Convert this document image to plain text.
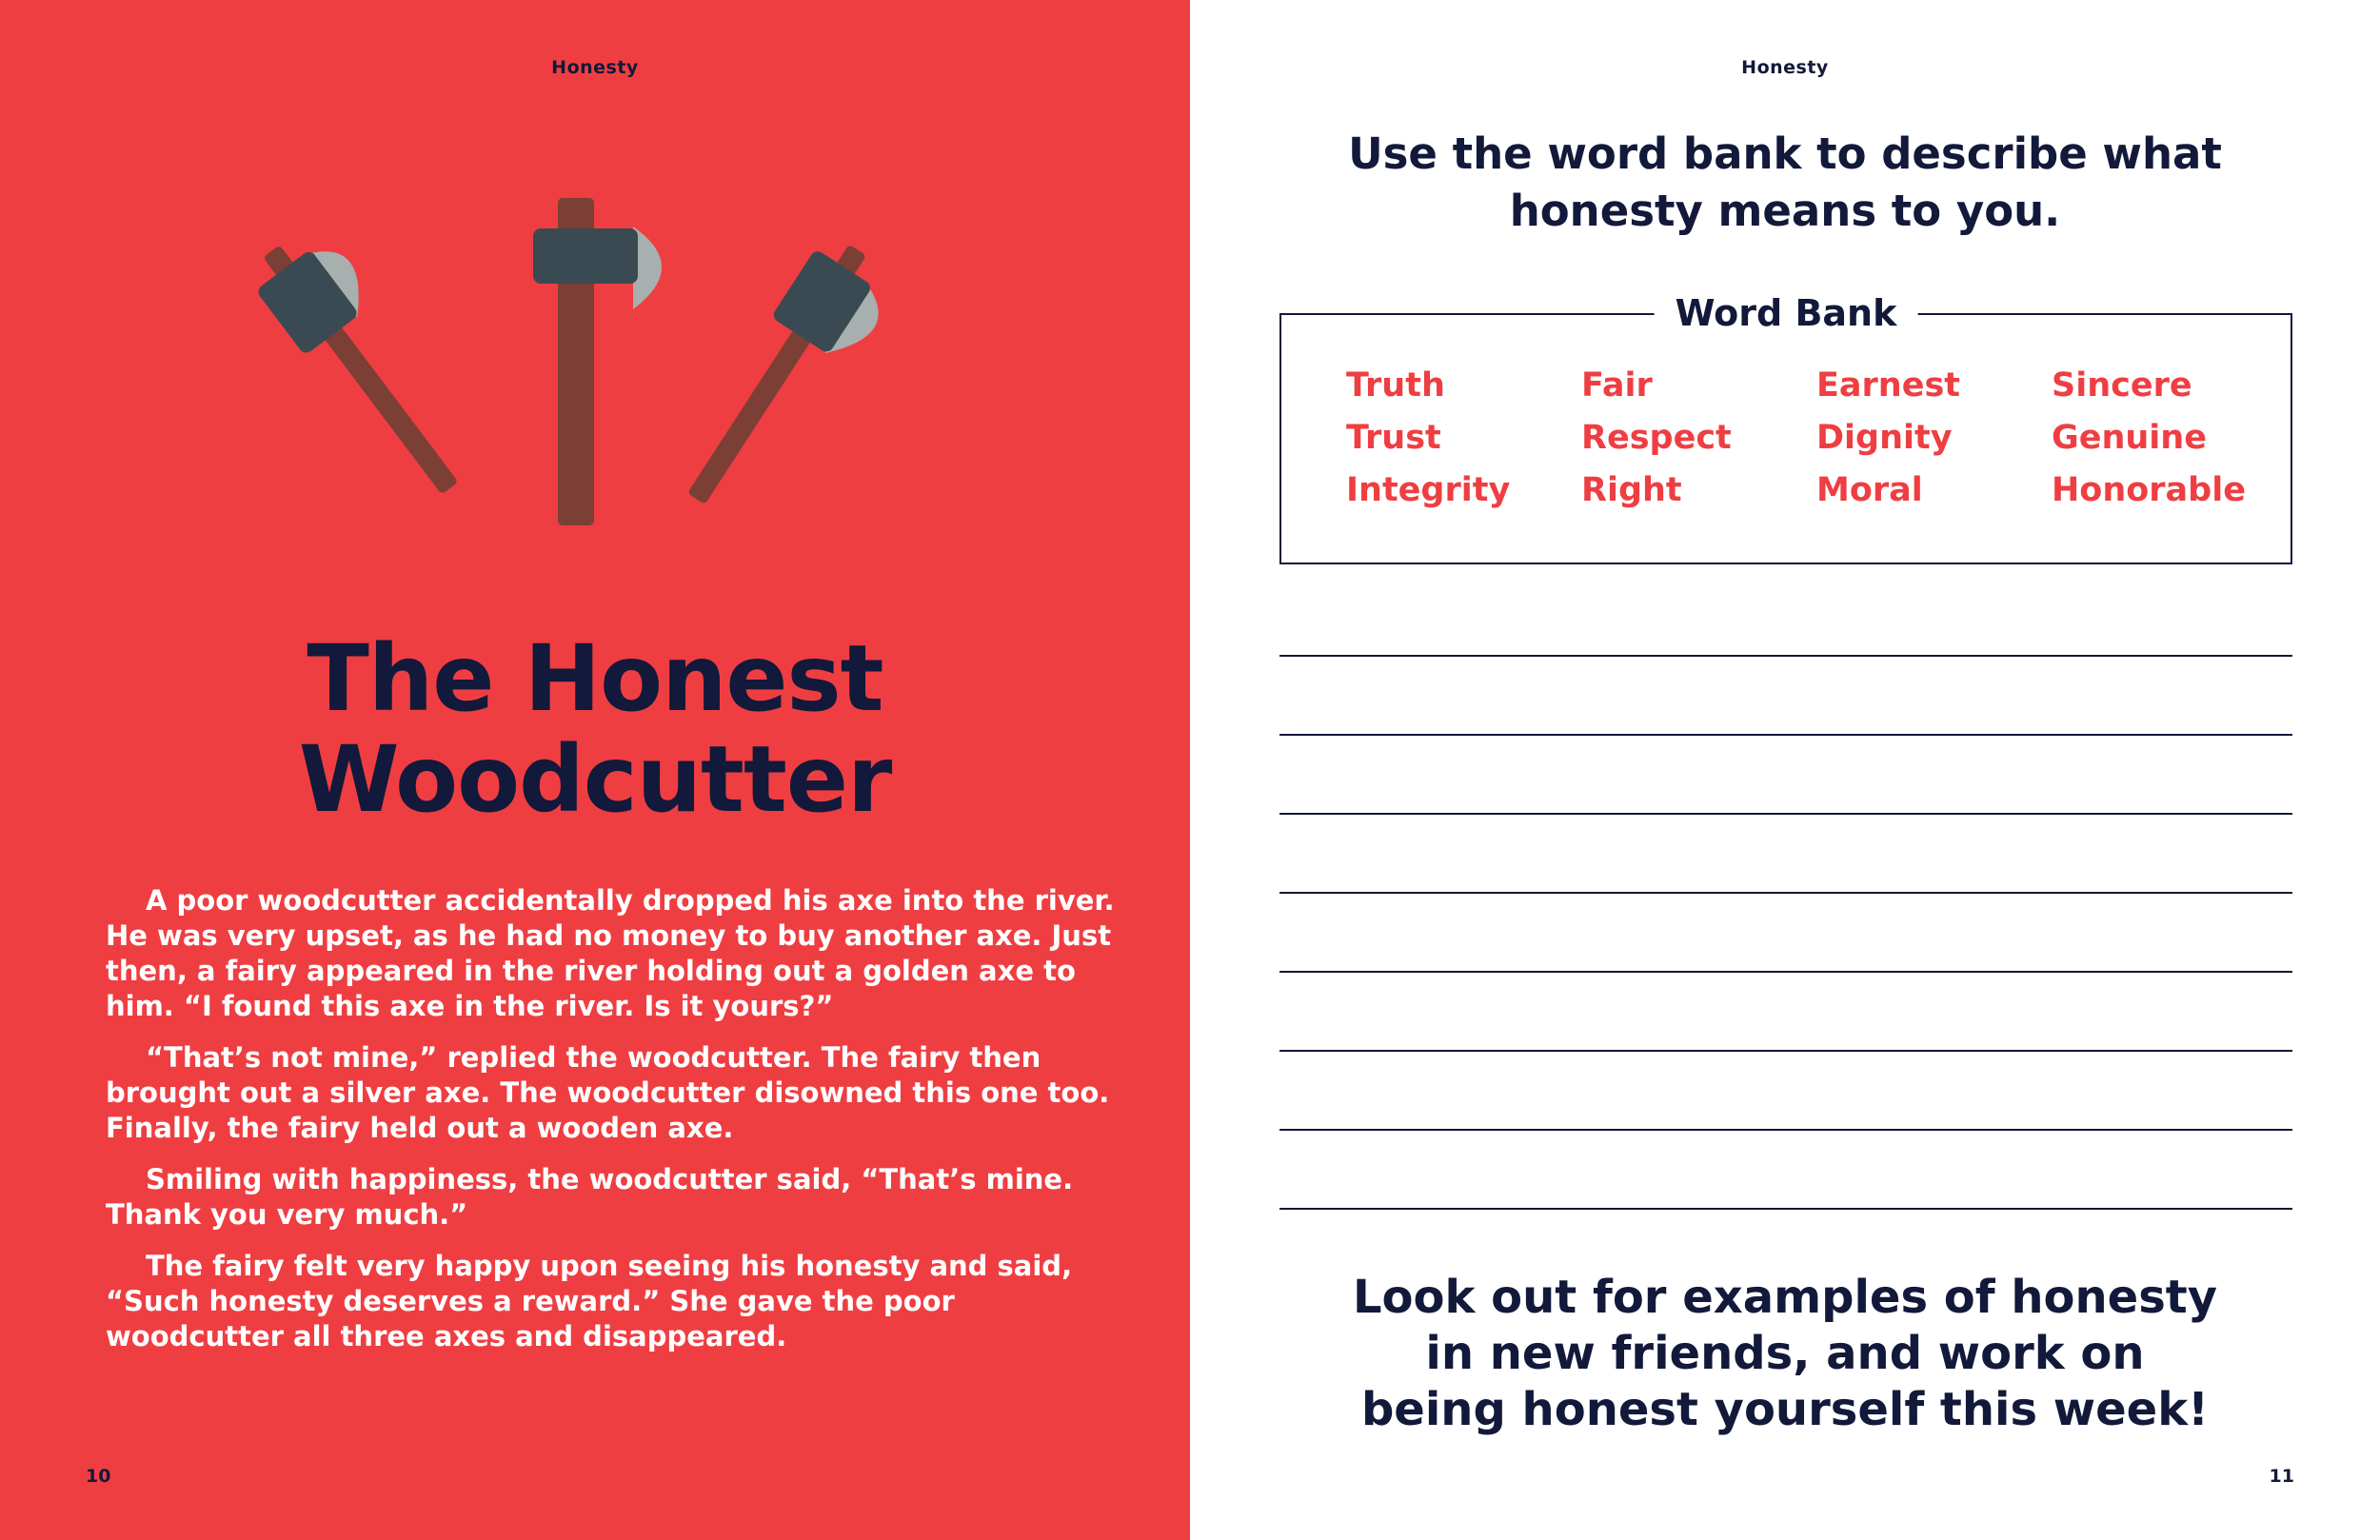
Honesty
The Honest
Woodcutter

A poor woodcutter accidentally dropped his axe into the river. He was very upset, as he had no money to buy another axe. Just then, a fairy appeared in the river holding out a golden axe to him. “I found this axe in the river. Is it yours?”

“That’s not mine,” replied the woodcutter. The fairy then brought out a silver axe. The woodcutter disowned this one too. Finally, the fairy held out a wooden axe.

Smiling with happiness, the woodcutter said, “That’s mine. Thank you very much.”

The fairy felt very happy upon seeing his honesty and said, “Such honesty deserves a reward.” She gave the poor woodcutter all three axes and disappeared.

10
Honesty
Use the word bank to describe what
honesty means to you.
Word Bank
Truth	Fair	Earnest	Sincere
Trust	Respect	Dignity	Genuine
Integrity	Right	Moral	Honorable
Look out for examples of honesty
in new friends, and work on
being honest yourself this week!
11
